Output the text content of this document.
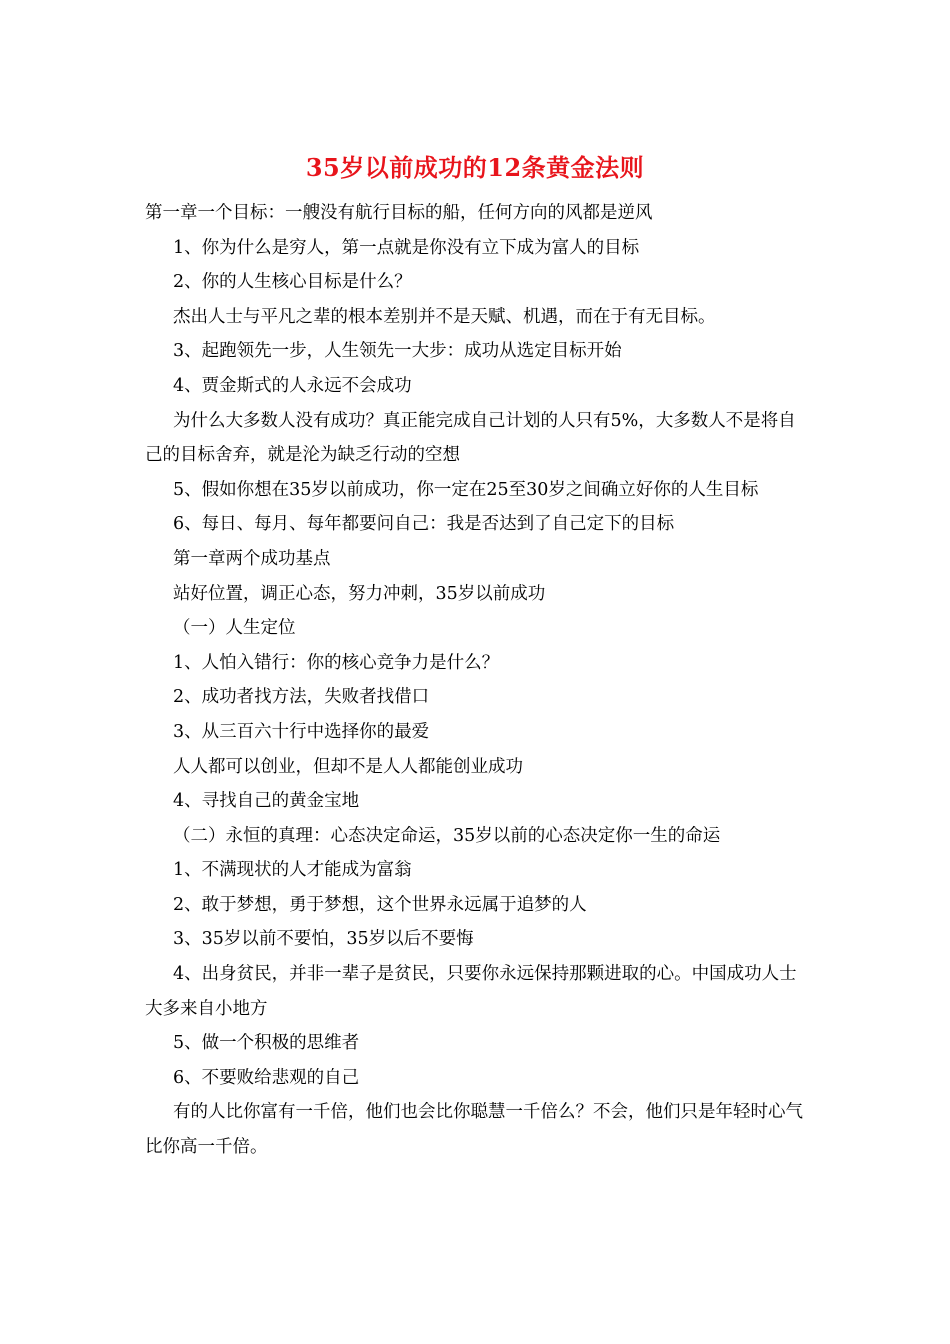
35岁以前成功的12条黄金法则

第一章一个目标：一艘没有航行目标的船，任何方向的风都是逆风

1、你为什么是穷人，第一点就是你没有立下成为富人的目标

2、你的人生核心目标是什么？

杰出人士与平凡之辈的根本差别并不是天赋、机遇，而在于有无目标。

3、起跑领先一步，人生领先一大步：成功从选定目标开始

4、贾金斯式的人永远不会成功

为什么大多数人没有成功？真正能完成自己计划的人只有5%，大多数人不是将自己的目标舍弃，就是沦为缺乏行动的空想

5、假如你想在35岁以前成功，你一定在25至30岁之间确立好你的人生目标

6、每日、每月、每年都要问自己：我是否达到了自己定下的目标

第一章两个成功基点

站好位置，调正心态，努力冲刺，35岁以前成功

（一）人生定位

1、人怕入错行：你的核心竞争力是什么？

2、成功者找方法，失败者找借口

3、从三百六十行中选择你的最爱

人人都可以创业，但却不是人人都能创业成功

4、寻找自己的黄金宝地

（二）永恒的真理：心态决定命运，35岁以前的心态决定你一生的命运

1、不满现状的人才能成为富翁

2、敢于梦想，勇于梦想，这个世界永远属于追梦的人

3、35岁以前不要怕，35岁以后不要悔

4、出身贫民，并非一辈子是贫民，只要你永远保持那颗进取的心。中国成功人士大多来自小地方

5、做一个积极的思维者

6、不要败给悲观的自己

有的人比你富有一千倍，他们也会比你聪慧一千倍么？不会，他们只是年轻时心气比你高一千倍。
